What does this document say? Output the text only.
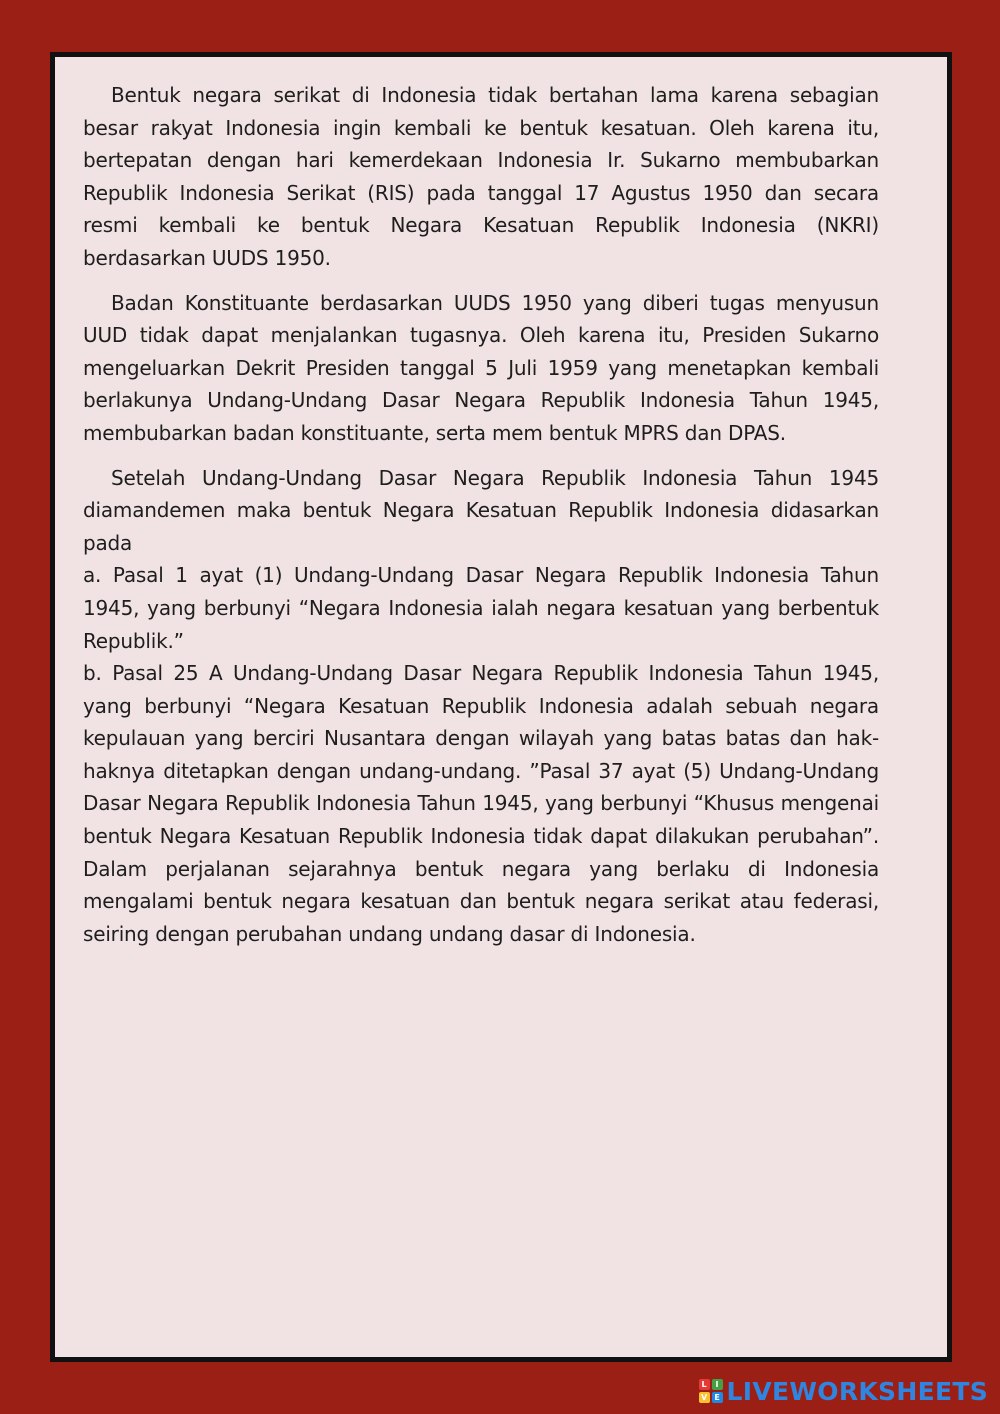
Bentuk negara serikat di Indonesia tidak bertahan lama karena sebagian besar rakyat Indonesia ingin kembali ke bentuk kesatuan. Oleh karena itu, bertepatan dengan hari kemerdekaan Indonesia Ir. Sukarno membubarkan Republik Indonesia Serikat (RIS) pada tanggal 17 Agustus 1950 dan secara resmi kembali ke bentuk Negara Kesatuan Republik Indonesia (NKRI) berdasarkan UUDS 1950.

Badan Konstituante berdasarkan UUDS 1950 yang diberi tugas menyusun UUD tidak dapat menjalankan tugasnya. Oleh karena itu, Presiden Sukarno mengeluarkan Dekrit Presiden tanggal 5 Juli 1959 yang menetapkan kembali berlakunya Undang-Undang Dasar Negara Republik Indonesia Tahun 1945, membubarkan badan konstituante, serta mem bentuk MPRS dan DPAS.

Setelah Undang-Undang Dasar Negara Republik Indonesia Tahun 1945 diamandemen maka bentuk Negara Kesatuan Republik Indonesia didasarkan pada

a. Pasal 1 ayat (1) Undang-Undang Dasar Negara Republik Indonesia Tahun 1945, yang berbunyi “Negara Indonesia ialah negara kesatuan yang berbentuk Republik.”

b. Pasal 25 A Undang-Undang Dasar Negara Republik Indonesia Tahun 1945, yang berbunyi “Negara Kesatuan Republik Indonesia adalah sebuah negara kepulauan yang berciri Nusantara dengan wilayah yang batas batas dan hak-haknya ditetapkan dengan undang-undang. ”Pasal 37 ayat (5) Undang-Undang Dasar Negara Republik Indonesia Tahun 1945, yang berbunyi “Khusus mengenai bentuk Negara Kesatuan Republik Indonesia tidak dapat dilakukan perubahan”. Dalam perjalanan sejarahnya bentuk negara yang berlaku di Indonesia mengalami bentuk negara kesatuan dan bentuk negara serikat atau federasi, seiring dengan perubahan undang undang dasar di Indonesia.

L	I
V E LIVEWORKSHEETS
